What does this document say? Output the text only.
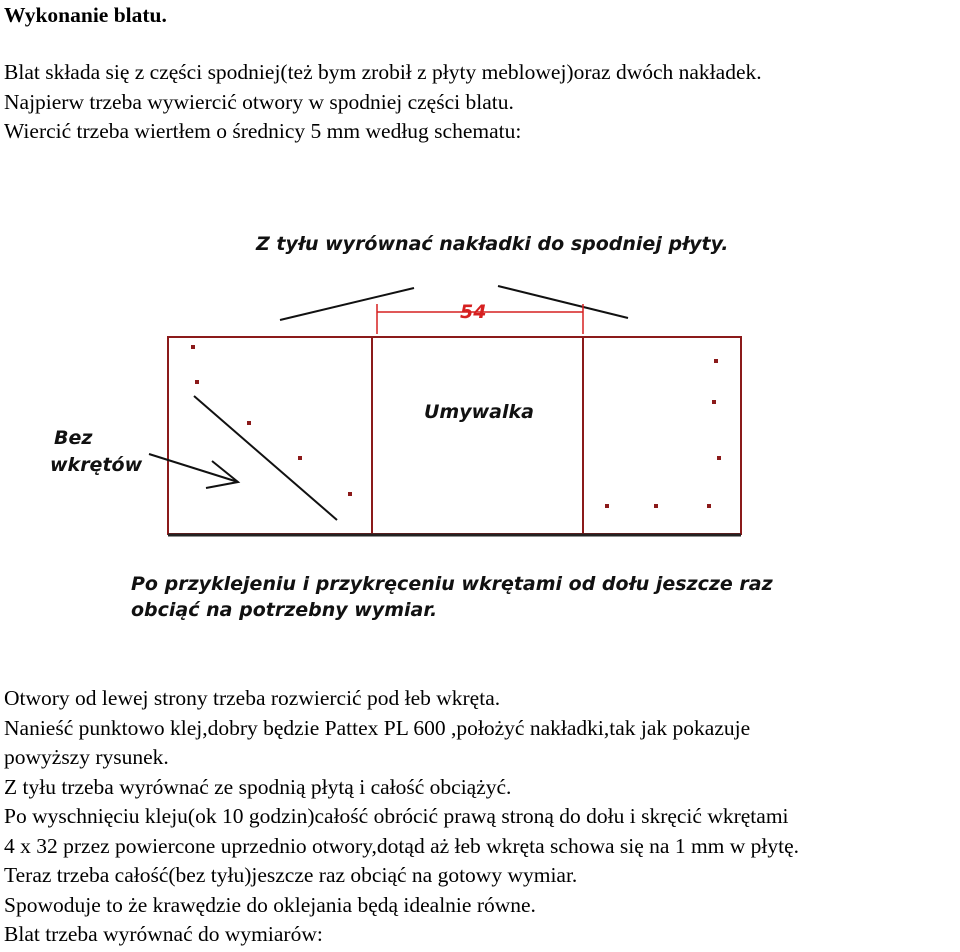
Wykonanie blatu.
Blat składa się z części spodniej(też bym zrobił z płyty meblowej)oraz dwóch nakładek.
Najpierw trzeba wywiercić otwory w spodniej części blatu.
Wiercić trzeba wiertłem o średnicy 5 mm według schematu:
Z tyłu wyrównać nakładki do spodniej płyty.
54
Umywalka
Bez
wkrętów
Po przyklejeniu i przykręceniu wkrętami od dołu jeszcze raz
obciąć na potrzebny wymiar.
Otwory od lewej strony trzeba rozwiercić pod łeb wkręta.
Nanieść punktowo klej,dobry będzie Pattex PL 600 ,położyć nakładki,tak jak pokazuje
powyższy rysunek.
Z tyłu trzeba wyrównać ze spodnią płytą i całość obciążyć.
Po wyschnięciu kleju(ok 10 godzin)całość obrócić prawą stroną do dołu i skręcić wkrętami
4 x 32 przez powiercone uprzednio otwory,dotąd aż łeb wkręta schowa się na 1 mm w płytę.
Teraz trzeba całość(bez tyłu)jeszcze raz obciąć na gotowy wymiar.
Spowoduje to że krawędzie do oklejania będą idealnie równe.
Blat trzeba wyrównać do wymiarów:
